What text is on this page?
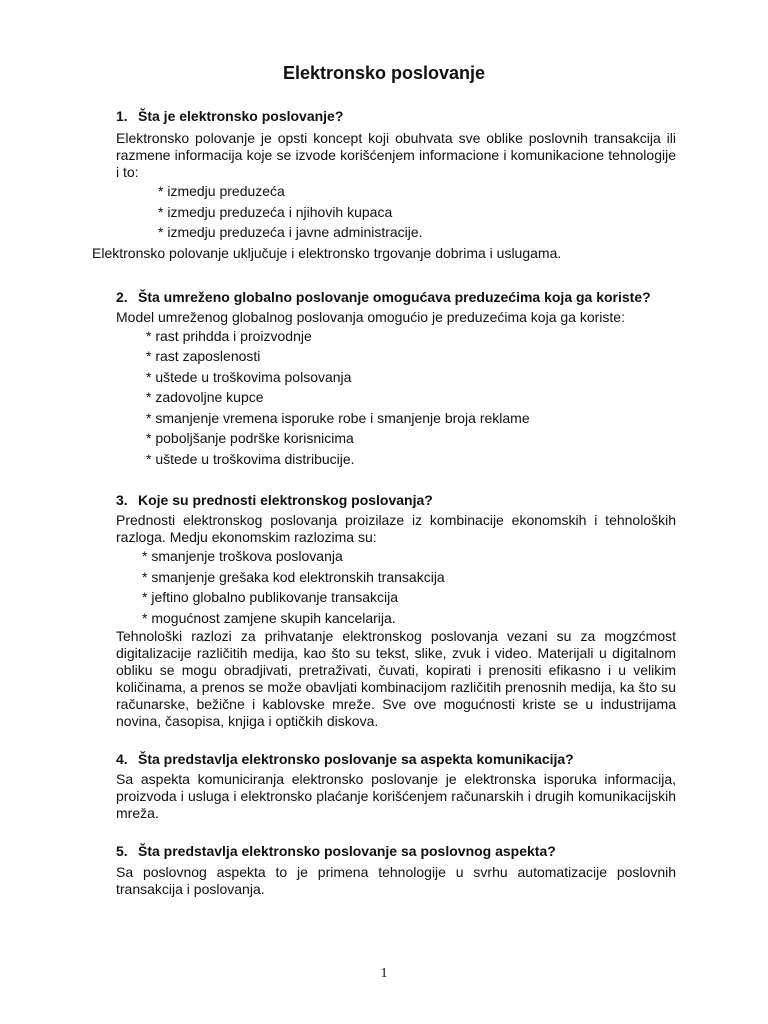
Elektronsko poslovanje
1. Šta je elektronsko poslovanje?

Elektronsko polovanje je opsti koncept koji obuhvata sve oblike poslovnih transakcija ili razmene informacija koje se izvode korišćenjem informacione i komunikacione tehnologije i to:

* izmedju preduzeća

* izmedju preduzeća i njihovih kupaca

* izmedju preduzeća i javne administracije.

Elektronsko polovanje uključuje i elektronsko trgovanje dobrima i uslugama.

2. Šta umreženo globalno poslovanje omogućava preduzećima koja ga koriste?

Model umreženog globalnog poslovanja omogućio je preduzećima koja ga koriste:

* rast prihdda i proizvodnje

* rast zaposlenosti

* uštede u troškovima polsovanja

* zadovoljne kupce

* smanjenje vremena isporuke robe i smanjenje broja reklame

* poboljšanje podrške korisnicima

* uštede u troškovima distribucije.

3. Koje su prednosti elektronskog poslovanja?

Prednosti elektronskog poslovanja proizilaze iz kombinacije ekonomskih i tehnoloških razloga. Medju ekonomskim razlozima su:

* smanjenje troškova poslovanja

* smanjenje grešaka kod elektronskih transakcija

* jeftino globalno publikovanje transakcija

* mogućnost zamjene skupih kancelarija.

Tehnološki razlozi za prihvatanje elektronskog poslovanja vezani su za mogzćmost digitalizacije različitih medija, kao što su tekst, slike, zvuk i video. Materijali u digitalnom obliku se mogu obradjivati, pretraživati, čuvati, kopirati i prenositi efikasno i u velikim količinama, a prenos se može obavljati kombinacijom različitih prenosnih medija, ka što su računarske, bežične i kablovske mreže. Sve ove mogućnosti kriste se u industrijama novina, časopisa, knjiga i optičkih diskova.

4. Šta predstavlja elektronsko poslovanje sa aspekta komunikacija?

Sa aspekta komuniciranja elektronsko poslovanje je elektronska isporuka informacija, proizvoda i usluga i elektronsko plaćanje korišćenjem računarskih i drugih komunikacijskih mreža.

5. Šta predstavlja elektronsko poslovanje sa poslovnog aspekta?

Sa poslovnog aspekta to je primena tehnologije u svrhu automatizacije poslovnih transakcija i poslovanja.

1
